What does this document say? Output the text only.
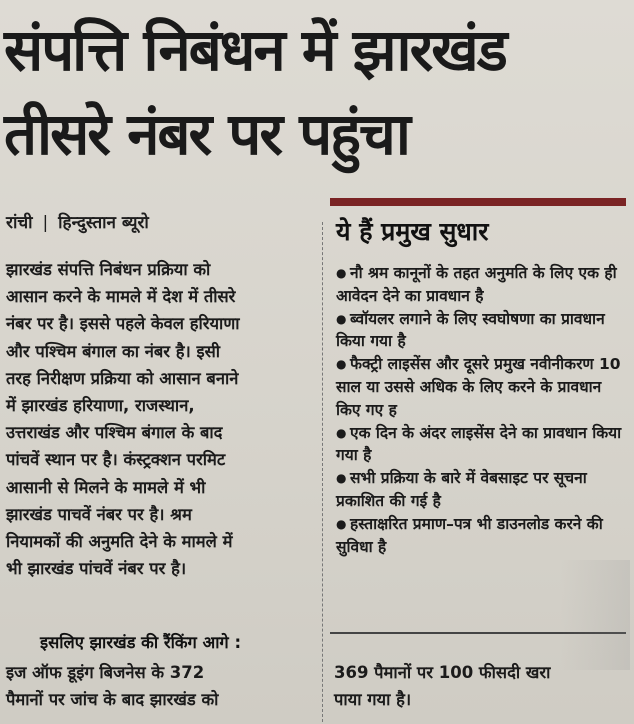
संपत्ति निबंधन में झारखंड
तीसरे नंबर पर पहुंचा
रांची | हिन्दुस्तान ब्यूरो

झारखंड संपत्ति निबंधन प्रक्रिया को

आसान करने के मामले में देश में तीसरे

नंबर पर है। इससे पहले केवल हरियाणा

और पश्चिम बंगाल का नंबर है। इसी

तरह निरीक्षण प्रक्रिया को आसान बनाने

में झारखंड हरियाणा, राजस्थान,

उत्तराखंड और पश्चिम बंगाल के बाद

पांचवें स्थान पर है। कंस्ट्रक्शन परमिट

आसानी से मिलने के मामले में भी

झारखंड पाचवें नंबर पर है। श्रम

नियामकों की अनुमति देने के मामले में

भी झारखंड पांचवें नंबर पर है।

इसलिए झारखंड की रैंकिंग आगे :

इज ऑफ डूइंग बिजनेस के 372

पैमानों पर जांच के बाद झारखंड को

ये हैं प्रमुख सुधार
● नौ श्रम कानूनों के तहत अनुमति के लिए एक ही आवेदन देने का प्रावधान है
● ब्वॉयलर लगाने के लिए स्वघोषणा का प्रावधान किया गया है
● फैक्ट्री लाइसेंस और दूसरे प्रमुख नवीनीकरण 10 साल या उससे अधिक के लिए करने के प्रावधान किए गए ह
● एक दिन के अंदर लाइसेंस देने का प्रावधान किया गया है
● सभी प्रक्रिया के बारे में वेबसाइट पर सूचना प्रकाशित की गई है
● हस्ताक्षरित प्रमाण–पत्र भी डाउनलोड करने की सुविधा है

369 पैमानों पर 100 फीसदी खरा

पाया गया है।
